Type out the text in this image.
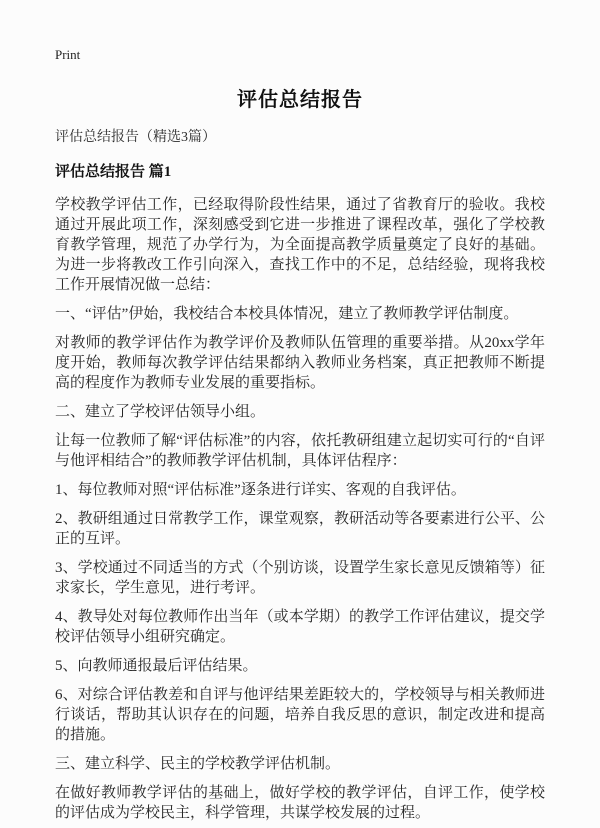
Print
评估总结报告

评估总结报告（精选3篇）

评估总结报告 篇1

学校教学评估工作，已经取得阶段性结果，通过了省教育厅的验收。我校通过开展此项工作，深刻感受到它进一步推进了课程改革，强化了学校教育教学管理，规范了办学行为，为全面提高教学质量奠定了良好的基础。为进一步将教改工作引向深入，查找工作中的不足，总结经验，现将我校工作开展情况做一总结：

一、“评估”伊始，我校结合本校具体情况，建立了教师教学评估制度。

对教师的教学评估作为教学评价及教师队伍管理的重要举措。从20xx学年度开始，教师每次教学评估结果都纳入教师业务档案，真正把教师不断提高的程度作为教师专业发展的重要指标。

二、建立了学校评估领导小组。

让每一位教师了解“评估标准”的内容，依托教研组建立起切实可行的“自评与他评相结合”的教师教学评估机制，具体评估程序：

1、每位教师对照“评估标准”逐条进行详实、客观的自我评估。

2、教研组通过日常教学工作，课堂观察，教研活动等各要素进行公平、公正的互评。

3、学校通过不同适当的方式（个别访谈，设置学生家长意见反馈箱等）征求家长，学生意见，进行考评。

4、教导处对每位教师作出当年（或本学期）的教学工作评估建议，提交学校评估领导小组研究确定。

5、向教师通报最后评估结果。

6、对综合评估教差和自评与他评结果差距较大的，学校领导与相关教师进行谈话，帮助其认识存在的问题，培养自我反思的意识，制定改进和提高的措施。

三、建立科学、民主的学校教学评估机制。

在做好教师教学评估的基础上，做好学校的教学评估，自评工作，使学校的评估成为学校民主，科学管理，共谋学校发展的过程。
